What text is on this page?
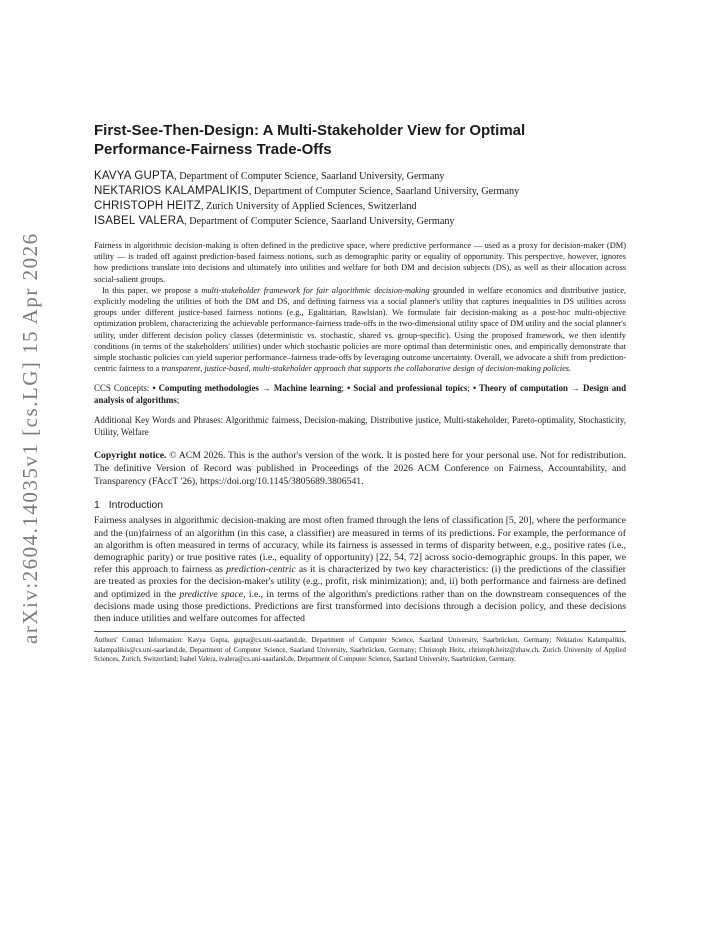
arXiv:2604.14035v1 [cs.LG] 15 Apr 2026
First-See-Then-Design: A Multi-Stakeholder View for Optimal Performance-Fairness Trade-Offs

KAVYA GUPTA, Department of Computer Science, Saarland University, Germany

NEKTARIOS KALAMPALIKIS, Department of Computer Science, Saarland University, Germany

CHRISTOPH HEITZ, Zurich University of Applied Sciences, Switzerland

ISABEL VALERA, Department of Computer Science, Saarland University, Germany

Fairness in algorithmic decision-making is often defined in the predictive space, where predictive performance — used as a proxy for decision-maker (DM) utility — is traded off against prediction-based fairness notions, such as demographic parity or equality of opportunity. This perspective, however, ignores how predictions translate into decisions and ultimately into utilities and welfare for both DM and decision subjects (DS), as well as their allocation across social-salient groups.

In this paper, we propose a multi-stakeholder framework for fair algorithmic decision-making grounded in welfare economics and distributive justice, explicitly modeling the utilities of both the DM and DS, and defining fairness via a social planner's utility that captures inequalities in DS utilities across groups under different justice-based fairness notions (e.g., Egalitarian, Rawlsian). We formulate fair decision-making as a post-hoc multi-objective optimization problem, characterizing the achievable performance-fairness trade-offs in the two-dimensional utility space of DM utility and the social planner's utility, under different decision policy classes (deterministic vs. stochastic, shared vs. group-specific). Using the proposed framework, we then identify conditions (in terms of the stakeholders' utilities) under which stochastic policies are more optimal than deterministic ones, and empirically demonstrate that simple stochastic policies can yield superior performance–fairness trade-offs by leveraging outcome uncertainty. Overall, we advocate a shift from prediction-centric fairness to a transparent, justice-based, multi-stakeholder approach that supports the collaborative design of decision-making policies.

CCS Concepts: • Computing methodologies → Machine learning; • Social and professional topics; • Theory of computation → Design and analysis of algorithms;

Additional Key Words and Phrases: Algorithmic fairness, Decision-making, Distributive justice, Multi-stakeholder, Pareto-optimality, Stochasticity, Utility, Welfare

Copyright notice. © ACM 2026. This is the author's version of the work. It is posted here for your personal use. Not for redistribution. The definitive Version of Record was published in Proceedings of the 2026 ACM Conference on Fairness, Accountability, and Transparency (FAccT '26), https://doi.org/10.1145/3805689.3806541.

1 Introduction

Fairness analyses in algorithmic decision-making are most often framed through the lens of classification [5, 20], where the performance and the (un)fairness of an algorithm (in this case, a classifier) are measured in terms of its predictions. For example, the performance of an algorithm is often measured in terms of accuracy, while its fairness is assessed in terms of disparity between, e.g., positive rates (i.e., demographic parity) or true positive rates (i.e., equality of opportunity) [22, 54, 72] across socio-demographic groups. In this paper, we refer this approach to fairness as prediction-centric as it is characterized by two key characteristics: (i) the predictions of the classifier are treated as proxies for the decision-maker's utility (e.g., profit, risk minimization); and, ii) both performance and fairness are defined and optimized in the predictive space, i.e., in terms of the algorithm's predictions rather than on the downstream consequences of the decisions made using those predictions. Predictions are first transformed into decisions through a decision policy, and these decisions then induce utilities and welfare outcomes for affected

Authors' Contact Information: Kavya Gupta, gupta@cs.uni-saarland.de, Department of Computer Science, Saarland University, Saarbrücken, Germany; Nektarios Kalampalikis, kalampalikis@cs.uni-saarland.de, Department of Computer Science, Saarland University, Saarbrücken, Germany; Christoph Heitz, christoph.heitz@zhaw.ch, Zurich University of Applied Sciences, Zurich, Switzerland; Isabel Valera, ivalera@cs.uni-saarland.de, Department of Computer Science, Saarland University, Saarbrücken, Germany.
